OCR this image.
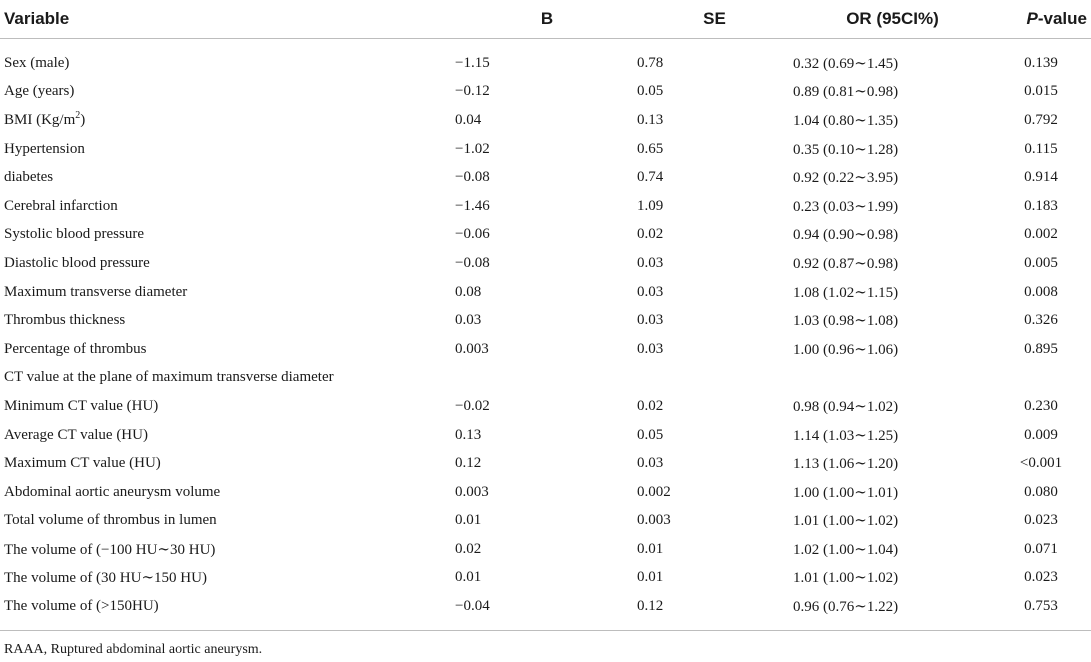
Variable	B	SE	OR (95CI%)	P-value
Sex (male)	−1.15	0.78	0.32 (0.69∼1.45)	0.139
Age (years)	−0.12	0.05	0.89 (0.81∼0.98)	0.015
BMI $(Kg/m^2)$	0.04	0.13	1.04 (0.80∼1.35)	0.792
Hypertension	−1.02	0.65	0.35 (0.10∼1.28)	0.115
diabetes	−0.08	0.74	0.92 (0.22∼3.95)	0.914
Cerebral infarction	−1.46	1.09	0.23 (0.03∼1.99)	0.183
Systolic blood pressure	−0.06	0.02	0.94 (0.90∼0.98)	0.002
Diastolic blood pressure	−0.08	0.03	0.92 (0.87∼0.98)	0.005
Maximum transverse diameter	0.08	0.03	1.08 (1.02∼1.15)	0.008
Thrombus thickness	0.03	0.03	1.03 (0.98∼1.08)	0.326
Percentage of thrombus	0.003	0.03	1.00 (0.96∼1.06)	0.895
CT value at the plane of maximum transverse diameter				
Minimum CT value (HU)	−0.02	0.02	0.98 (0.94∼1.02)	0.230
Average CT value (HU)	0.13	0.05	1.14 (1.03∼1.25)	0.009
Maximum CT value (HU)	0.12	0.03	1.13 (1.06∼1.20)	<0.001
Abdominal aortic aneurysm volume	0.003	0.002	1.00 (1.00∼1.01)	0.080
Total volume of thrombus in lumen	0.01	0.003	1.01 (1.00∼1.02)	0.023
The volume of (−100 HU∼30 HU)	0.02	0.01	1.02 (1.00∼1.04)	0.071
The volume of (30 HU∼150 HU)	0.01	0.01	1.01 (1.00∼1.02)	0.023
The volume of (>150HU)	−0.04	0.12	0.96 (0.76∼1.22)	0.753
RAAA, Ruptured abdominal aortic aneurysm.
